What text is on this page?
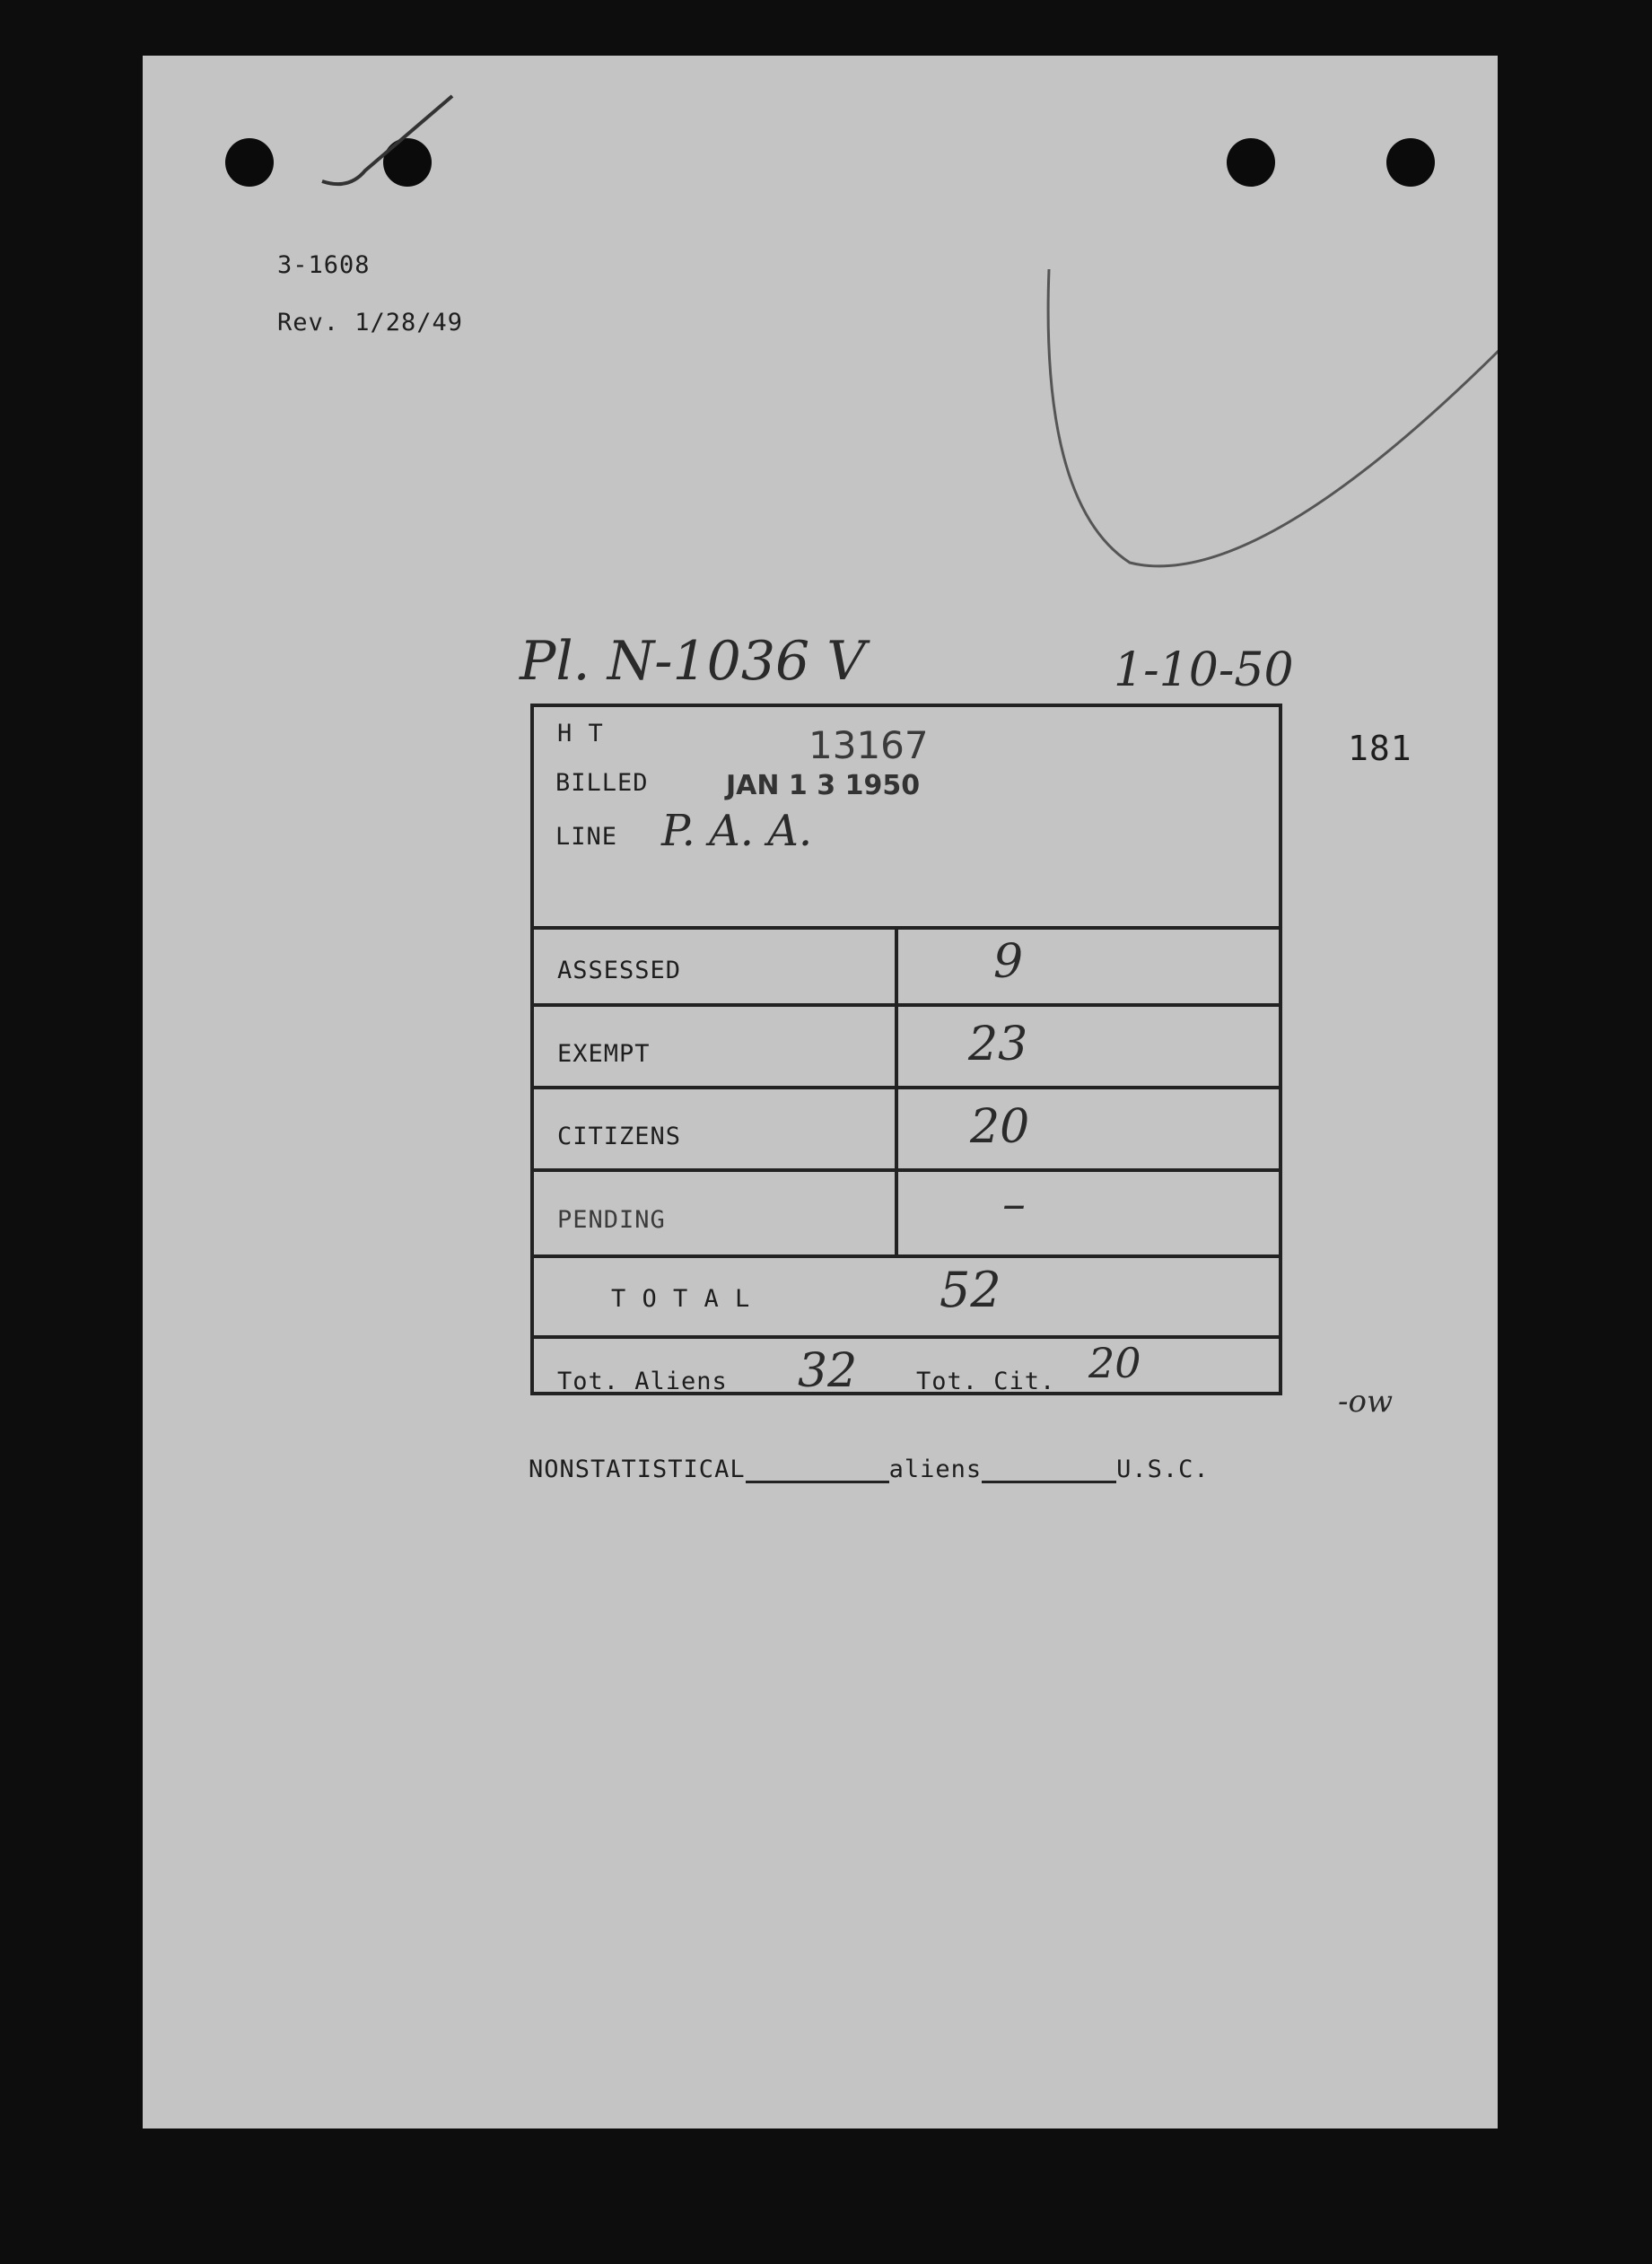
3-1608
Rev. 1/28/49
Pl. N-1036 V	1-10-50
181
H T	13167
BILLED	JAN 1 3 1950
LINE P. A. A.
ASSESSED	9
EXEMPT	23
CITIZENS	20
PENDING	–
T O T A L	52
Tot. Aliens 32 Tot. Cit. 20
-ow
NONSTATISTICAL	aliens	U.S.C.
